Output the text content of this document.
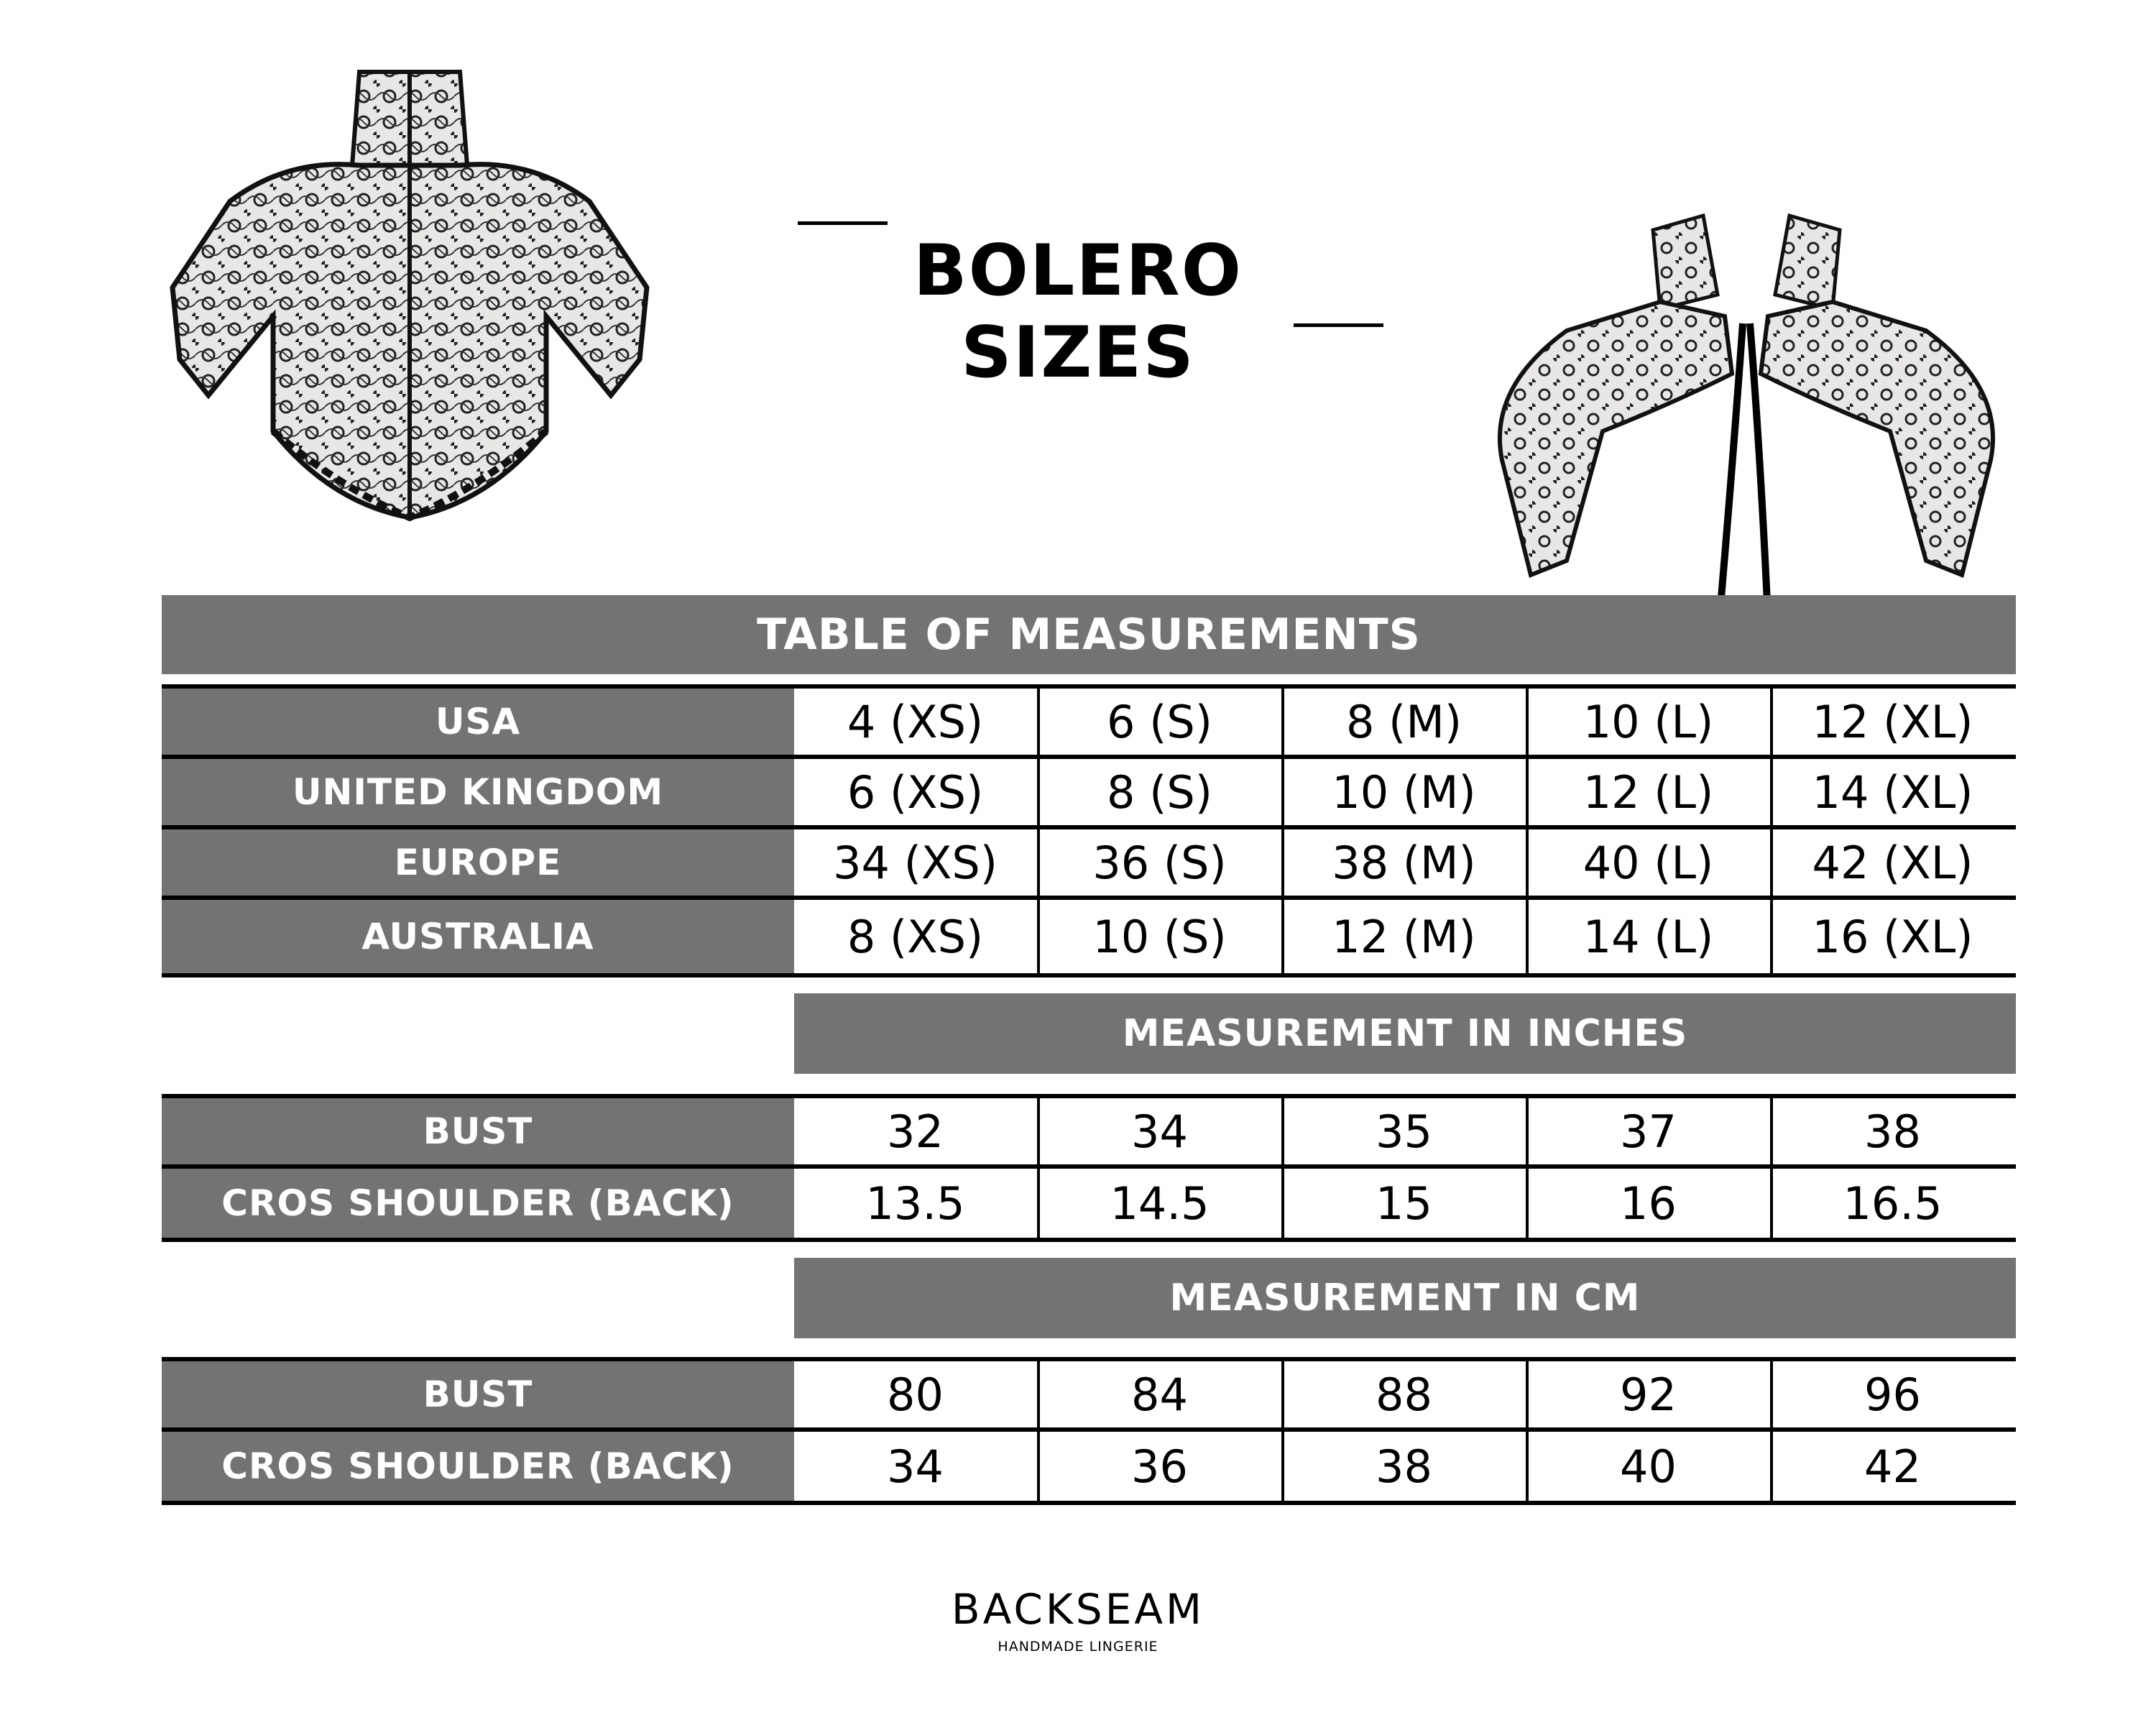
BOLERO SIZES
TABLE OF MEASUREMENTS
USA	4 (XS)	6 (S)	8 (M)	10 (L)	12 (XL)
UNITED KINGDOM	6 (XS)	8 (S)	10 (M)	12 (L)	14 (XL)
EUROPE	34 (XS)	36 (S)	38 (M)	40 (L)	42 (XL)
AUSTRALIA	8 (XS)	10 (S)	12 (M)	14 (L)	16 (XL)
MEASUREMENT IN INCHES
BUST	32	34	35	37	38
CROS SHOULDER (BACK)	13.5	14.5	15	16	16.5
MEASUREMENT IN CM
BUST	80	84	88	92	96
CROS SHOULDER (BACK)	34	36	38	40	42
BACKSEAM
HANDMADE LINGERIE
